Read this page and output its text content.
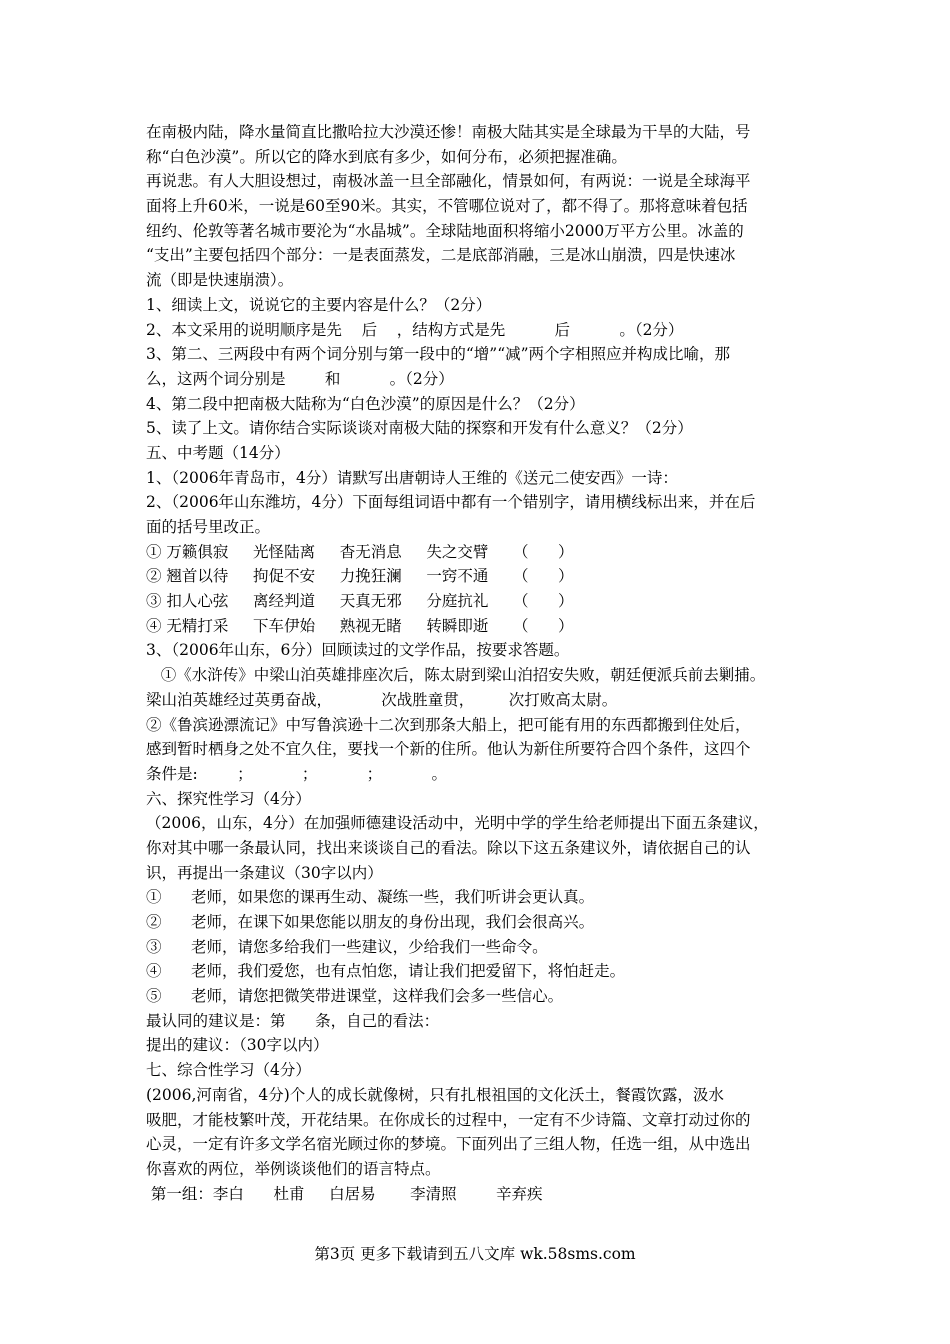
在南极内陆，降水量简直比撒哈拉大沙漠还惨！南极大陆其实是全球最为干旱的大陆，号
称“白色沙漠”。所以它的降水到底有多少，如何分布，必须把握准确。
再说悲。有人大胆设想过，南极冰盖一旦全部融化，情景如何，有两说：一说是全球海平
面将上升60米，一说是60至90米。其实，不管哪位说对了，都不得了。那将意味着包括
纽约、伦敦等著名城市要沦为“水晶城”。全球陆地面积将缩小2000万平方公里。冰盖的
“支出”主要包括四个部分：一是表面蒸发，二是底部消融，三是冰山崩溃，四是快速冰
流（即是快速崩溃）。
1、细读上文，说说它的主要内容是什么？（2分）
2、本文采用的说明顺序是先    后    ，结构方式是先          后          。（2分）
3、第二、三两段中有两个词分别与第一段中的“增”“减”两个字相照应并构成比喻，那
么，这两个词分别是        和          。（2分）
4、第二段中把南极大陆称为“白色沙漠”的原因是什么？（2分）
5、读了上文。请你结合实际谈谈对南极大陆的探察和开发有什么意义？（2分）
五、中考题（14分）
1、（2006年青岛市，4分）请默写出唐朝诗人王维的《送元二使安西》一诗：
2、（2006年山东潍坊，4分）下面每组词语中都有一个错别字，请用横线标出来，并在后
面的括号里改正。
① 万籁俱寂     光怪陆离     杳无消息     失之交臂     （      ）
② 翘首以待     拘促不安     力挽狂澜     一窍不通     （      ）
③ 扣人心弦     离经判道     天真无邪     分庭抗礼     （      ）
④ 无精打采     下车伊始     熟视无睹     转瞬即逝     （      ）
3、（2006年山东，6分）回顾读过的文学作品，按要求答题。
①《水浒传》中梁山泊英雄排座次后，陈太尉到梁山泊招安失败，朝廷便派兵前去剿捕。
梁山泊英雄经过英勇奋战，          次战胜童贯，       次打败高太尉。
②《鲁滨逊漂流记》中写鲁滨逊十二次到那条大船上，把可能有用的东西都搬到住处后，
感到暂时栖身之处不宜久住，要找一个新的住所。他认为新住所要符合四个条件，这四个
条件是:        ；          ；          ；          。
六、探究性学习（4分）
（2006，山东，4分）在加强师德建设活动中，光明中学的学生给老师提出下面五条建议，
你对其中哪一条最认同，找出来谈谈自己的看法。除以下这五条建议外，请依据自己的认
识，再提出一条建议（30字以内）
①      老师，如果您的课再生动、凝练一些，我们听讲会更认真。
②      老师，在课下如果您能以朋友的身份出现，我们会很高兴。
③      老师，请您多给我们一些建议，少给我们一些命令。
④      老师，我们爱您，也有点怕您，请让我们把爱留下，将怕赶走。
⑤      老师，请您把微笑带进课堂，这样我们会多一些信心。
最认同的建议是：第      条，自己的看法：
提出的建议：（30字以内）
七、综合性学习（4分）
(2006,河南省，4分)个人的成长就像树，只有扎根祖国的文化沃土，餐霞饮露，汲水
吸肥，才能枝繁叶茂，开花结果。在你成长的过程中，一定有不少诗篇、文章打动过你的
心灵，一定有许多文学名宿光顾过你的梦境。下面列出了三组人物，任选一组，从中选出
你喜欢的两位，举例谈谈他们的语言特点。
第一组：李白      杜甫     白居易       李清照        辛弃疾
第3页 更多下载请到五八文库 wk.58sms.com
